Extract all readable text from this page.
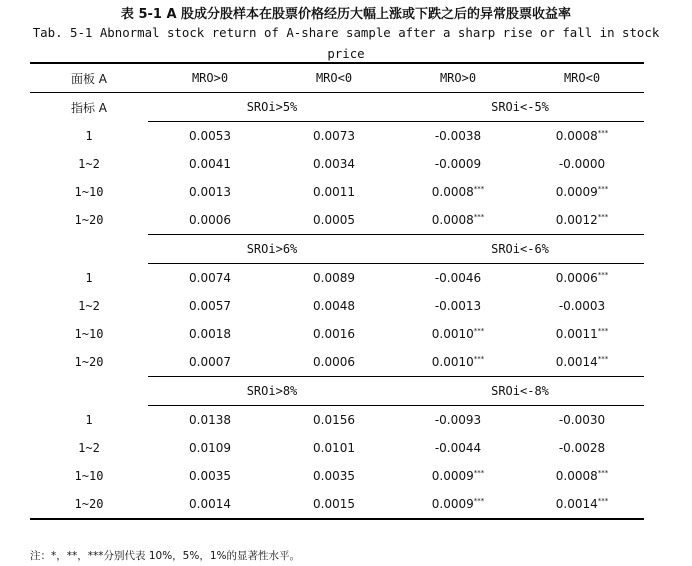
表 5-1 A 股成分股样本在股票价格经历大幅上涨或下跌之后的异常股票收益率
Tab. 5-1 Abnormal stock return of A-share sample after a sharp rise or fall in stock price
面板 A	MRO>0	MRO<0	MRO>0	MRO<0
指标 A	SROi>5%		SROi<-5%	
1	0.0053	0.0073	-0.0038	0.0008***
1~2	0.0041	0.0034	-0.0009	-0.0000
1~10	0.0013	0.0011	0.0008***	0.0009***
1~20	0.0006	0.0005	0.0008***	0.0012***
	SROi>6%		SROi<-6%	
1	0.0074	0.0089	-0.0046	0.0006***
1~2	0.0057	0.0048	-0.0013	-0.0003
1~10	0.0018	0.0016	0.0010***	0.0011***
1~20	0.0007	0.0006	0.0010***	0.0014***
	SROi>8%		SROi<-8%	
1	0.0138	0.0156	-0.0093	-0.0030
1~2	0.0109	0.0101	-0.0044	-0.0028
1~10	0.0035	0.0035	0.0009***	0.0008***
1~20	0.0014	0.0015	0.0009***	0.0014***
注：*，**，***分别代表 10%，5%，1%的显著性水平。
